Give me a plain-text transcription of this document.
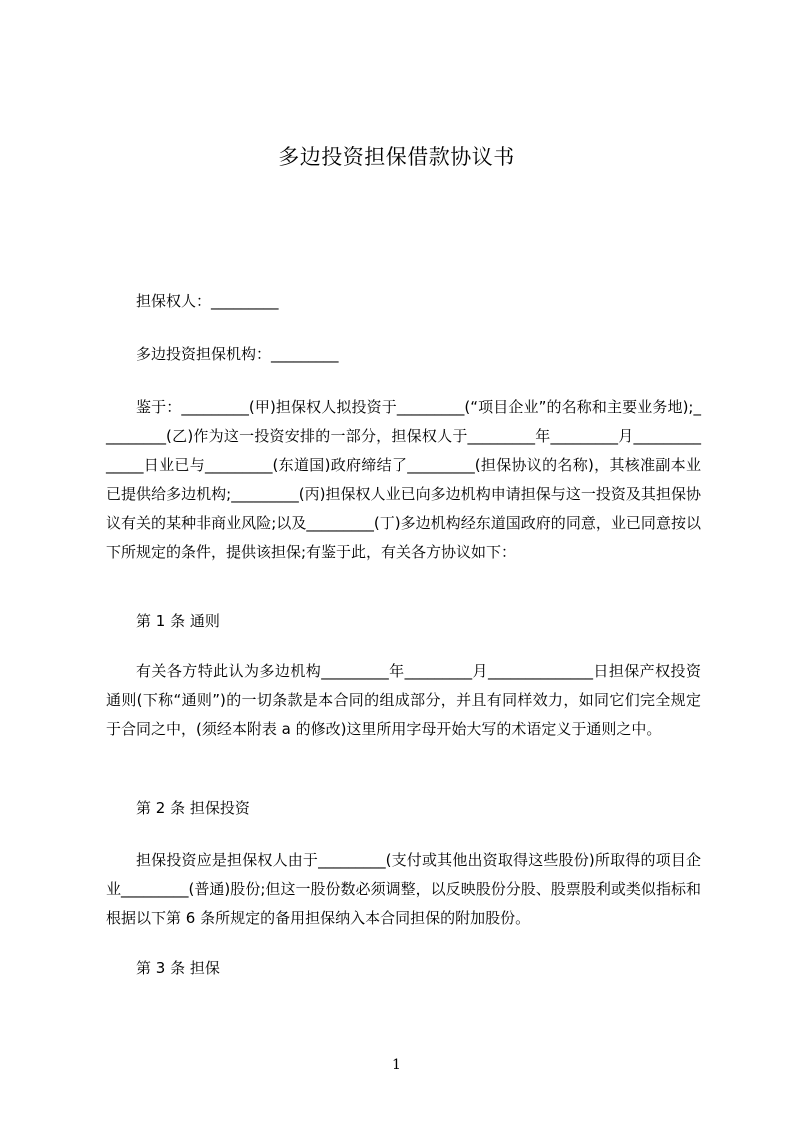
多边投资担保借款协议书
担保权人：_________
多边投资担保机构：_________
鉴于：_________(甲)担保权人拟投资于_________(“项目企业”的名称和主要业务地);_________(乙)作为这一投资安排的一部分，担保权人于_________年_________月______________日业已与_________(东道国)政府缔结了_________(担保协议的名称)，其核准副本业已提供给多边机构;_________(丙)担保权人业已向多边机构申请担保与这一投资及其担保协议有关的某种非商业风险;以及_________(丁)多边机构经东道国政府的同意，业已同意按以下所规定的条件，提供该担保;有鉴于此，有关各方协议如下：
第 1 条 通则
有关各方特此认为多边机构_________年_________月______________日担保产权投资通则(下称“通则”)的一切条款是本合同的组成部分，并且有同样效力，如同它们完全规定于合同之中，(须经本附表 a 的修改)这里所用字母开始大写的术语定义于通则之中。
第 2 条 担保投资
担保投资应是担保权人由于_________(支付或其他出资取得这些股份)所取得的项目企业_________(普通)股份;但这一股份数必须调整，以反映股份分股、股票股利或类似指标和根据以下第 6 条所规定的备用担保纳入本合同担保的附加股份。
第 3 条 担保
1
